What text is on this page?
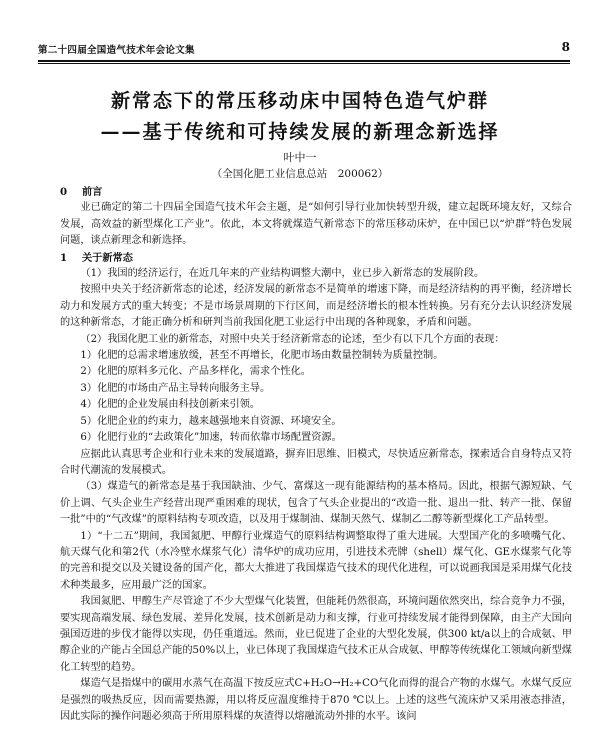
第二十四届全国造气技术年会论文集	8
新常态下的常压移动床中国特色造气炉群
——基于传统和可持续发展的新理念新选择
叶中一
（全国化肥工业信息总站　200062）
0 前言

业已确定的第二十四届全国造气技术年会主题，是“如何引导行业加快转型升级，建立起既环境友好，又综合发展，高效益的新型煤化工产业”。依此，本文将就煤造气新常态下的常压移动床炉，在中国已以“炉群”特色发展问题，谈点新理念和新选择。

1 关于新常态

（1）我国的经济运行，在近几年来的产业结构调整大潮中，业已步入新常态的发展阶段。

按照中央关于经济新常态的论述，经济发展的新常态不是简单的增速下降，而是经济结构的再平衡，经济增长动力和发展方式的重大转变；不是市场景周期的下行区间，而是经济增长的根本性转换。另有充分去认识经济发展的这种新常态，才能正确分析和研判当前我国化肥工业运行中出现的各种现象，矛盾和问题。

（2）我国化肥工业的新常态，对照中央关于经济新常态的论述，至少有以下几个方面的表现：

1）化肥的总需求增速放缓，甚至不再增长，化肥市场由数量控制转为质量控制。

2）化肥的原料多元化、产品多样化，需求个性化。

3）化肥的市场由产品主导转向服务主导。

4）化肥的企业发展由科技创新来引领。

5）化肥企业的约束力，越来越强地来自资源、环境安全。

6）化肥行业的“去政策化”加速，转而依靠市场配置资源。

应据此认真思考企业和行业未来的发展道路，摒弃旧思维、旧模式，尽快适应新常态，探索适合自身特点又符合时代潮流的发展模式。

（3）煤造气的新常态是基于我国缺油、少气、富煤这一现有能源结构的基本格局。因此，根据气源短缺、气价上调、气头企业生产经营出现严重困难的现状，包含了气头企业提出的“改造一批、退出一批、转产一批、保留一批”中的“气改煤”的原料结构专项改造，以及用于煤制油、煤制天然气、煤制乙二醇等新型煤化工产品转型。

1）“十二五”期间，我国氮肥、甲醇行业煤造气的原料结构调整取得了重大进展。大型国产化的多喷嘴气化、航天煤气化和第2代（水冷壁水煤浆气化）清华炉的成功应用，引进技术壳牌（shell）煤气化、GE水煤浆气化等的完善和提交以及关键设备的国产化，都大大推进了我国煤造气技术的现代化进程，可以说画我国是采用煤气化技术种类最多，应用最广泛的国家。

我国氮肥、甲醇生产尽管途了不少大型煤气化装置，但能耗仍然很高，环境问题依然突出，综合竞争力不强，要实现高端发展、绿色发展、差异化发展，技术创新是动力和支撑，行业可持续发展才能得到保障，由主产大国向强国迈进的步伐才能得以实现，仍任重道远。然而，业已促进了企业的大型化发展，供300 kt/a以上的合成氨、甲醇企业的产能占全国总产能的50%以上，业已体现了我国煤造气技术正从合成氨、甲醇等传统煤化工领域向新型煤化工转型的趋势。

煤造气是指煤中的碳用水蒸气在高温下按反应式C+H₂O→H₂+CO气化而得的混合产物的水煤气。水煤气反应是强烈的吸热反应，因而需要热源，用以将反应温度维持于870 ℃以上。上述的这些气流床炉又采用液态排渣，因此实际的操作问题必须高于所用原料煤的灰渣得以熔融流动外排的水平。该问
